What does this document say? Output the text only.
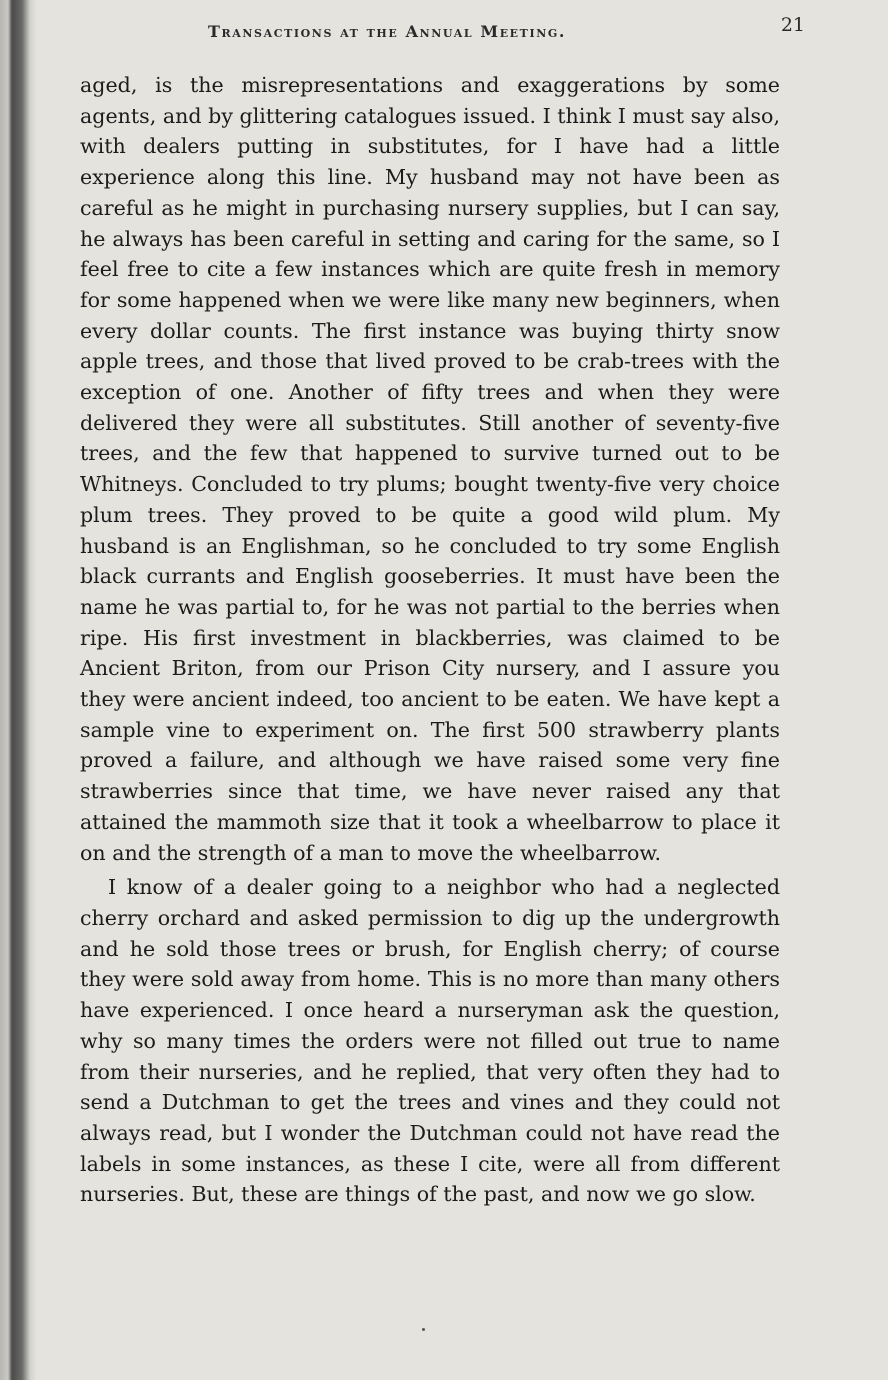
Transactions at the Annual Meeting.	21

aged, is the misrepresentations and exaggerations by some agents, and by glittering catalogues issued. I think I must say also, with dealers putting in substitutes, for I have had a little experience along this line. My husband may not have been as careful as he might in purchasing nursery supplies, but I can say, he always has been careful in setting and caring for the same, so I feel free to cite a few instances which are quite fresh in memory for some happened when we were like many new beginners, when every dollar counts. The first instance was buying thirty snow apple trees, and those that lived proved to be crab-trees with the exception of one. Another of fifty trees and when they were delivered they were all substitutes. Still another of seventy-five trees, and the few that happened to survive turned out to be Whitneys. Concluded to try plums; bought twenty-five very choice plum trees. They proved to be quite a good wild plum. My husband is an Englishman, so he concluded to try some English black currants and English gooseberries. It must have been the name he was partial to, for he was not partial to the berries when ripe. His first investment in blackberries, was claimed to be Ancient Briton, from our Prison City nursery, and I assure you they were ancient indeed, too ancient to be eaten. We have kept a sample vine to experiment on. The first 500 strawberry plants proved a failure, and although we have raised some very fine strawberries since that time, we have never raised any that attained the mammoth size that it took a wheelbarrow to place it on and the strength of a man to move the wheelbarrow.

I know of a dealer going to a neighbor who had a neglected cherry orchard and asked permission to dig up the undergrowth and he sold those trees or brush, for English cherry; of course they were sold away from home. This is no more than many others have experienced. I once heard a nurseryman ask the question, why so many times the orders were not filled out true to name from their nurseries, and he replied, that very often they had to send a Dutchman to get the trees and vines and they could not always read, but I wonder the Dutchman could not have read the labels in some instances, as these I cite, were all from different nurseries. But, these are things of the past, and now we go slow.
